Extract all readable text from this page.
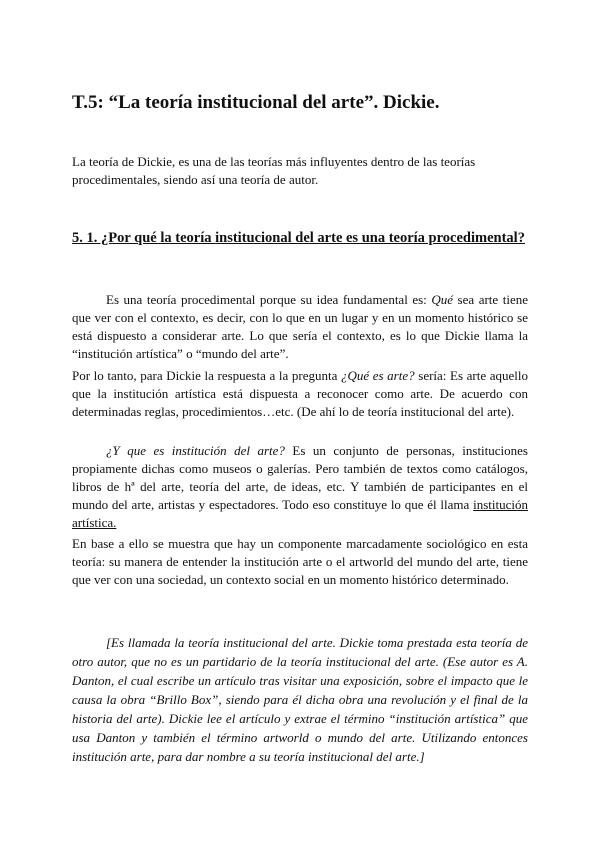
T.5: “La teoría institucional del arte”. Dickie.

La teoría de Dickie, es una de las teorías más influyentes dentro de las teorías procedimentales, siendo así una teoría de autor.

5. 1. ¿Por qué la teoría institucional del arte es una teoría procedimental?

Es una teoría procedimental porque su idea fundamental es: Qué sea arte tiene que ver con el contexto, es decir, con lo que en un lugar y en un momento histórico se está dispuesto a considerar arte. Lo que sería el contexto, es lo que Dickie llama la “institución artística” o “mundo del arte”.

Por lo tanto, para Dickie la respuesta a la pregunta ¿Qué es arte? sería: Es arte aquello que la institución artística está dispuesta a reconocer como arte. De acuerdo con determinadas reglas, procedimientos…etc. (De ahí lo de teoría institucional del arte).

¿Y que es institución del arte? Es un conjunto de personas, instituciones propiamente dichas como museos o galerías. Pero también de textos como catálogos, libros de hª del arte, teoría del arte, de ideas, etc. Y también de participantes en el mundo del arte, artistas y espectadores. Todo eso constituye lo que él llama institución artística.

En base a ello se muestra que hay un componente marcadamente sociológico en esta teoría: su manera de entender la institución arte o el artworld del mundo del arte, tiene que ver con una sociedad, un contexto social en un momento histórico determinado.

[Es llamada la teoría institucional del arte. Dickie toma prestada esta teoría de otro autor, que no es un partidario de la teoría institucional del arte. (Ese autor es A. Danton, el cual escribe un artículo tras visitar una exposición, sobre el impacto que le causa la obra “Brillo Box”, siendo para él dicha obra una revolución y el final de la historia del arte). Dickie lee el artículo y extrae el término “institución artística” que usa Danton y también el término artworld o mundo del arte. Utilizando entonces institución arte, para dar nombre a su teoría institucional del arte.]
